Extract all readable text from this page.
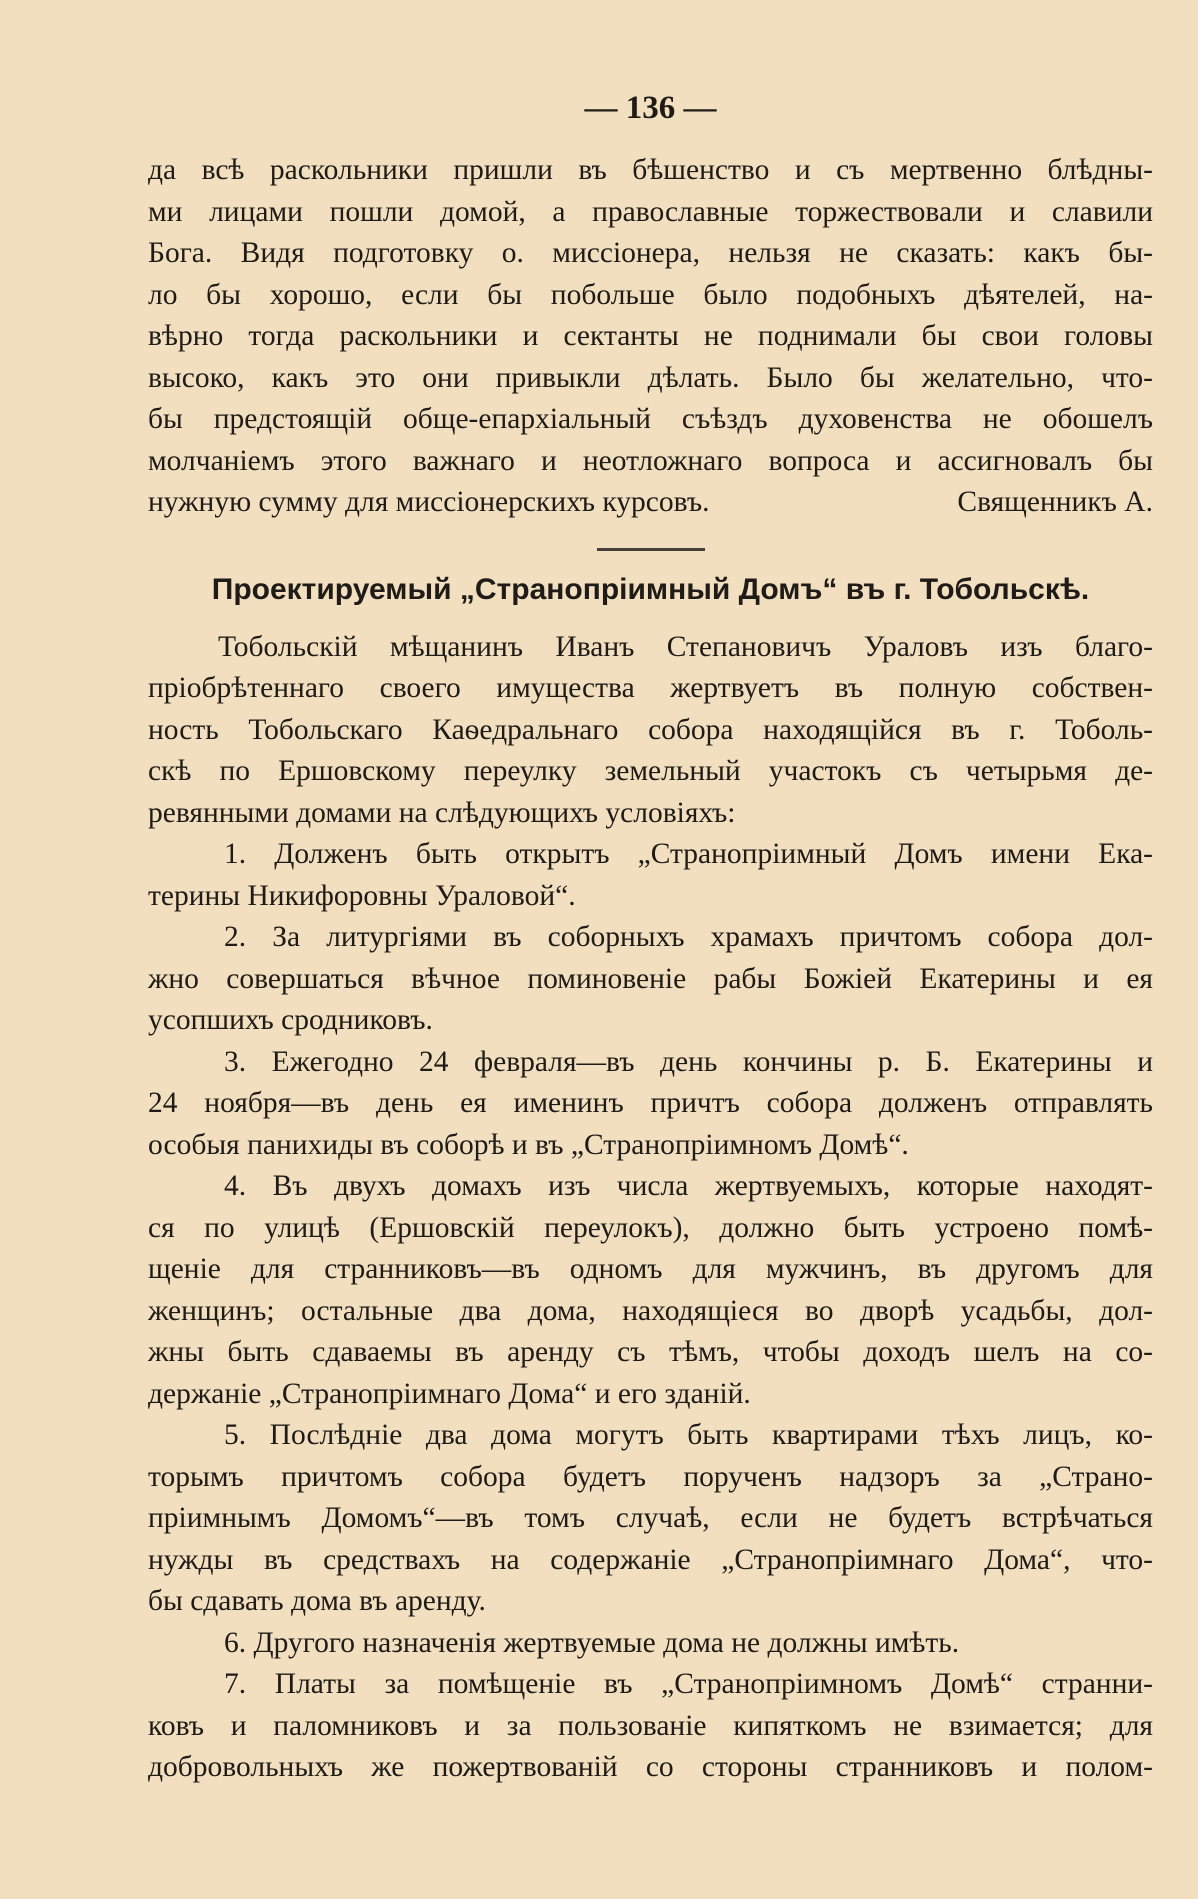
— 136 —
да всѣ раскольники пришли въ бѣшенство и съ мертвенно блѣдны-
ми лицами пошли домой, а православные торжествовали и славили
Бога. Видя подготовку о. миссіонера, нельзя не сказать: какъ бы-
ло бы хорошо, если бы побольше было подобныхъ дѣятелей, на-
вѣрно тогда раскольники и сектанты не поднимали бы свои головы
высоко, какъ это они привыкли дѣлать. Было бы желательно, что-
бы предстоящій обще-епархіальный съѣздъ духовенства не обошелъ
молчаніемъ этого важнаго и неотложнаго вопроса и ассигновалъ бы
нужную сумму для миссіонерскихъ курсовъ.	Священникъ А.
Проектируемый „Странопріимный Домъ“ въ г. Тобольскѣ.
Тобольскій мѣщанинъ Иванъ Степановичъ Ураловъ изъ благо-
пріобрѣтеннаго своего имущества жертвуетъ въ полную собствен-
ность Тобольскаго Каѳедральнаго собора находящійся въ г. Тоболь-
скѣ по Ершовскому переулку земельный участокъ съ четырьмя де-
ревянными домами на слѣдующихъ условіяхъ:
1. Долженъ быть открытъ „Странопріимный Домъ имени Ека-
терины Никифоровны Ураловой“.
2. За литургіями въ соборныхъ храмахъ причтомъ собора дол-
жно совершаться вѣчное поминовеніе рабы Божіей Екатерины и ея
усопшихъ сродниковъ.
3. Ежегодно 24 февраля—въ день кончины р. Б. Екатерины и
24 ноября—въ день ея именинъ причтъ собора долженъ отправлять
особыя панихиды въ соборѣ и въ „Странопріимномъ Домѣ“.
4. Въ двухъ домахъ изъ числа жертвуемыхъ, которые находят-
ся по улицѣ (Ершовскій переулокъ), должно быть устроено помѣ-
щеніе для странниковъ—въ одномъ для мужчинъ, въ другомъ для
женщинъ; остальные два дома, находящіеся во дворѣ усадьбы, дол-
жны быть сдаваемы въ аренду съ тѣмъ, чтобы доходъ шелъ на со-
держаніе „Странопріимнаго Дома“ и его зданій.
5. Послѣдніе два дома могутъ быть квартирами тѣхъ лицъ, ко-
торымъ причтомъ собора будетъ порученъ надзоръ за „Страно-
пріимнымъ Домомъ“—въ томъ случаѣ, если не будетъ встрѣчаться
нужды въ средствахъ на содержаніе „Странопріимнаго Дома“, что-
бы сдавать дома въ аренду.
6. Другого назначенія жертвуемые дома не должны имѣть.
7. Платы за помѣщеніе въ „Странопріимномъ Домѣ“ странни-
ковъ и паломниковъ и за пользованіе кипяткомъ не взимается; для
добровольныхъ же пожертвованій со стороны странниковъ и полом-
